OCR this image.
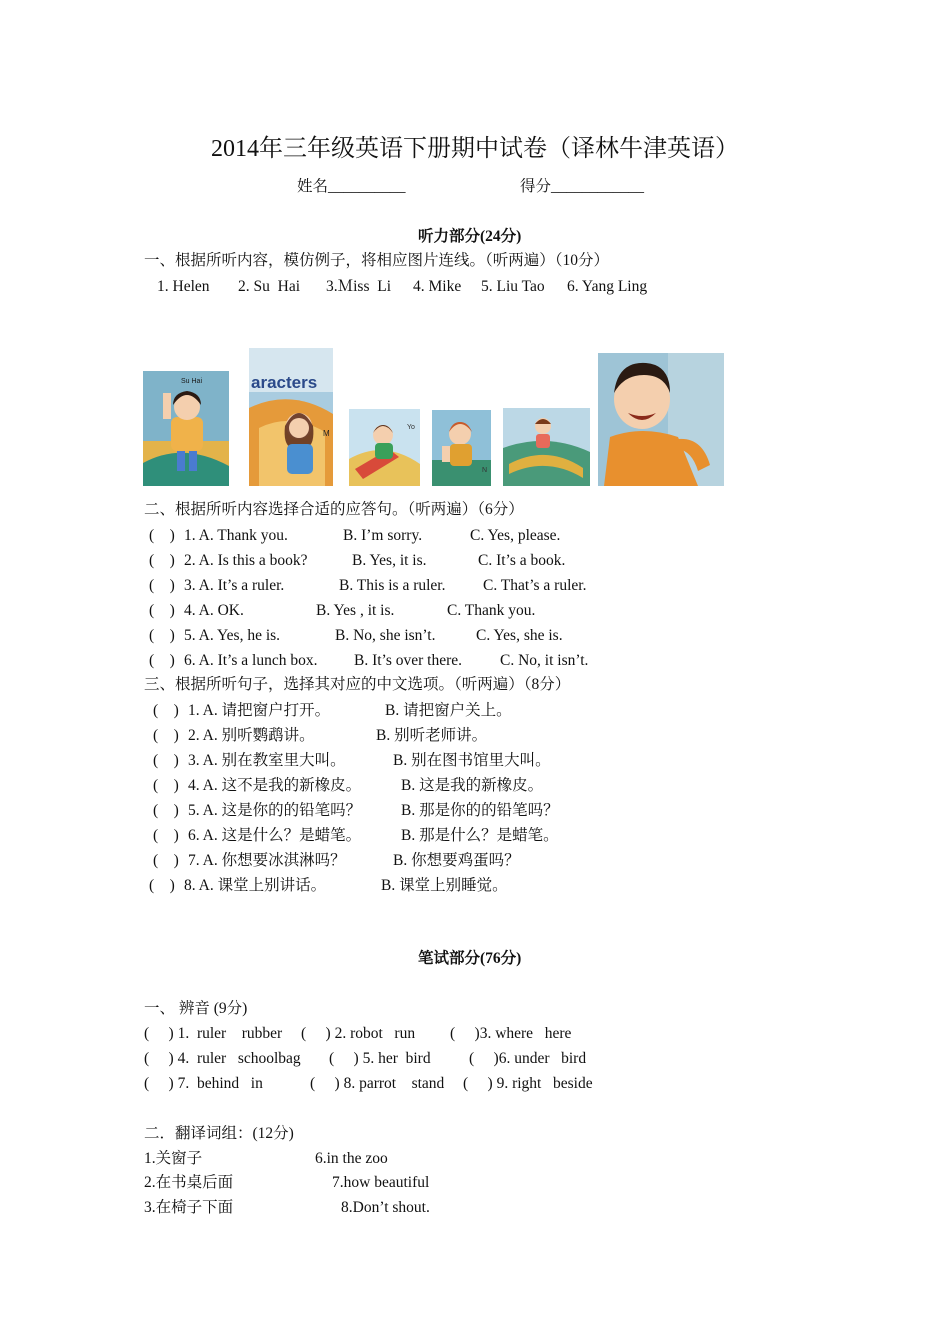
2014年三年级英语下册期中试卷（译林牛津英语）
姓名__________	得分____________
听力部分(24分)
一、根据所听内容，模仿例子，将相应图片连线。（听两遍）（10分）
1. Helen 2. Su  Hai 3.Ｍiss  Li 4. Mike 5. Liu Tao 6. Yang Ling
Su Hai	aracters
M
Yo
N
二、根据所听内容选择合适的应答句。（听两遍）（6分）
(    ) 1. A. Thank you.	B. I’m sorry.	C. Yes, please.
(    ) 2. A. Is this a book?	B. Yes, it is.	C. It’s a book.
(    ) 3. A. It’s a ruler.	B. This is a ruler. C. That’s a ruler.
(    ) 4. A. OK.	B. Yes , it is.	C. Thank you.
(    ) 5. A. Yes, he is.	B. No, she isn’t.	C. Yes, she is.
(    ) 6. A. It’s a lunch box. B. It’s over there. C. No, it isn’t.
三、根据所听句子，选择其对应的中文选项。（听两遍）（8分）
(    ) 1. A. 请把窗户打开。	B. 请把窗户关上。
(    ) 2. A. 别听鹦鹉讲。	B. 别听老师讲。
(    ) 3. A. 别在教室里大叫。	B. 别在图书馆里大叫。
(    ) 4. A. 这不是我的新橡皮。	B. 这是我的新橡皮。
(    ) 5. A. 这是你的的铅笔吗？	B. 那是你的的铅笔吗？
(    ) 6. A. 这是什么？是蜡笔。	B. 那是什么？是蜡笔。
(    ) 7. A. 你想要冰淇淋吗？	B. 你想要鸡蛋吗？
(    ) 8. A. 课堂上别讲话。	B. 课堂上别睡觉。
笔试部分(76分)
一、 辨音 (9分)
(     ) 1.  ruler    rubber (     ) 2. robot   run (     )3. where   here
(     ) 4.  ruler   schoolbag (     ) 5. her  bird (     )6. under   bird
(     ) 7.  behind   in	(     ) 8. parrot    stand (     ) 9. right   beside
二．翻译词组：(12分)
1.关窗子	6.in the zoo
2.在书桌后面	7.how beautiful
3.在椅子下面	8.Don’t shout.
